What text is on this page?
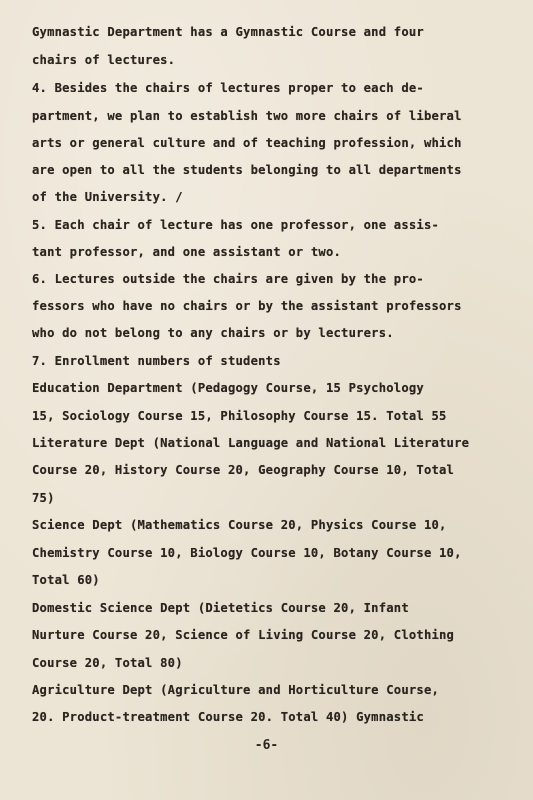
Gymnastic Department has a Gymnastic Course and four
chairs of lectures.
4. Besides the chairs of lectures proper to each de-
partment, we plan to establish two more chairs of liberal
arts or general culture and of teaching profession, which
are open to all the students belonging to all departments
of the University. /
5. Each chair of lecture has one professor, one assis-
tant professor, and one assistant or two.
6. Lectures outside the chairs are given by the pro-
fessors who have no chairs or by the assistant professors
who do not belong to any chairs or by lecturers.
7. Enrollment numbers of students
Education Department (Pedagogy Course, 15 Psychology
15, Sociology Course 15, Philosophy Course 15. Total 55
Literature Dept (National Language and National Literature
Course 20, History Course 20, Geography Course 10, Total
75)
Science Dept (Mathematics Course 20, Physics Course 10,
Chemistry Course 10, Biology Course 10, Botany Course 10,
Total 60)
Domestic Science Dept (Dietetics Course 20, Infant
Nurture Course 20, Science of Living Course 20, Clothing
Course 20, Total 80)
Agriculture Dept (Agriculture and Horticulture Course,
20. Product-treatment Course 20. Total 40) Gymnastic
-6-
